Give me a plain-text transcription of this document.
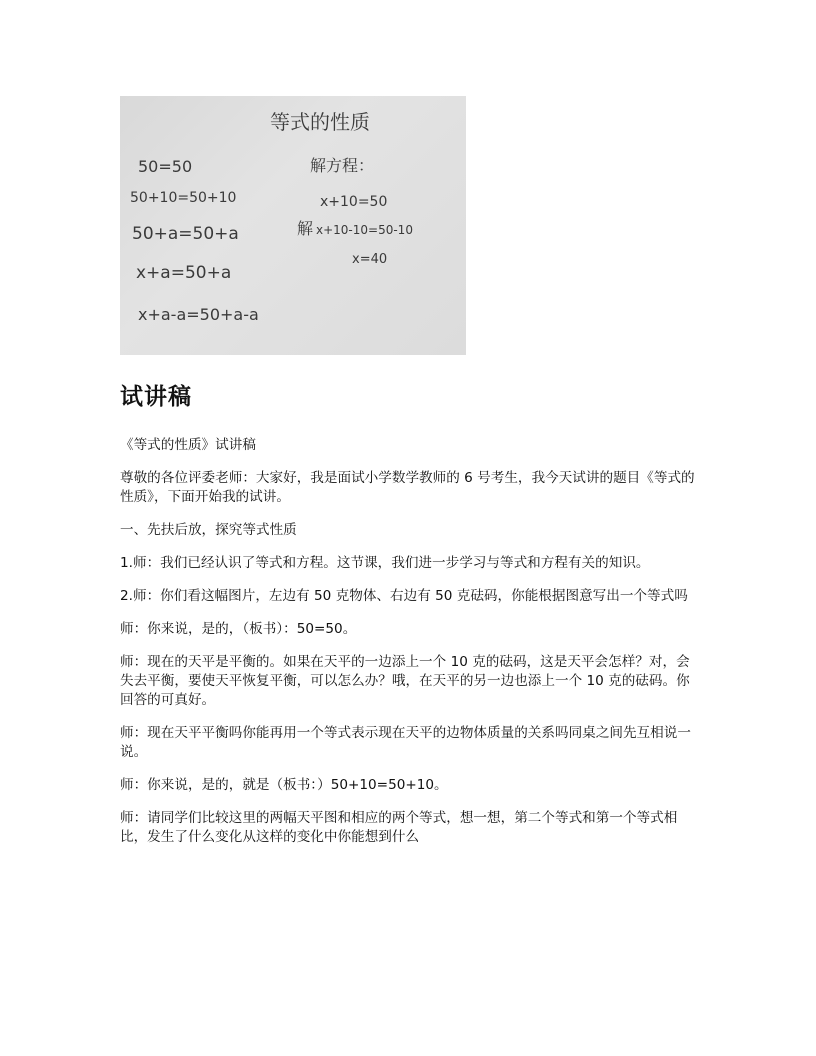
等式的性质
50=50
50+10=50+10
50+a=50+a
x+a=50+a
x+a-a=50+a-a
解方程：
x+10=50
解 x+10-10=50-10
x=40
试讲稿

《等式的性质》试讲稿

尊敬的各位评委老师：大家好，我是面试小学数学教师的 6 号考生，我今天试讲的题目《等式的性质》，下面开始我的试讲。

一、先扶后放，探究等式性质

1.师：我们已经认识了等式和方程。这节课，我们进一步学习与等式和方程有关的知识。

2.师：你们看这幅图片，左边有 50 克物体、右边有 50 克砝码，你能根据图意写出一个等式吗

师：你来说，是的，（板书）：50=50。

师：现在的天平是平衡的。如果在天平的一边添上一个 10 克的砝码，这是天平会怎样？对，会失去平衡，要使天平恢复平衡，可以怎么办？哦，在天平的另一边也添上一个 10 克的砝码。你回答的可真好。

师：现在天平平衡吗你能再用一个等式表示现在天平的边物体质量的关系吗同桌之间先互相说一说。

师：你来说，是的，就是（板书：）50+10=50+10。

师：请同学们比较这里的两幅天平图和相应的两个等式，想一想，第二个等式和第一个等式相比，发生了什么变化从这样的变化中你能想到什么
